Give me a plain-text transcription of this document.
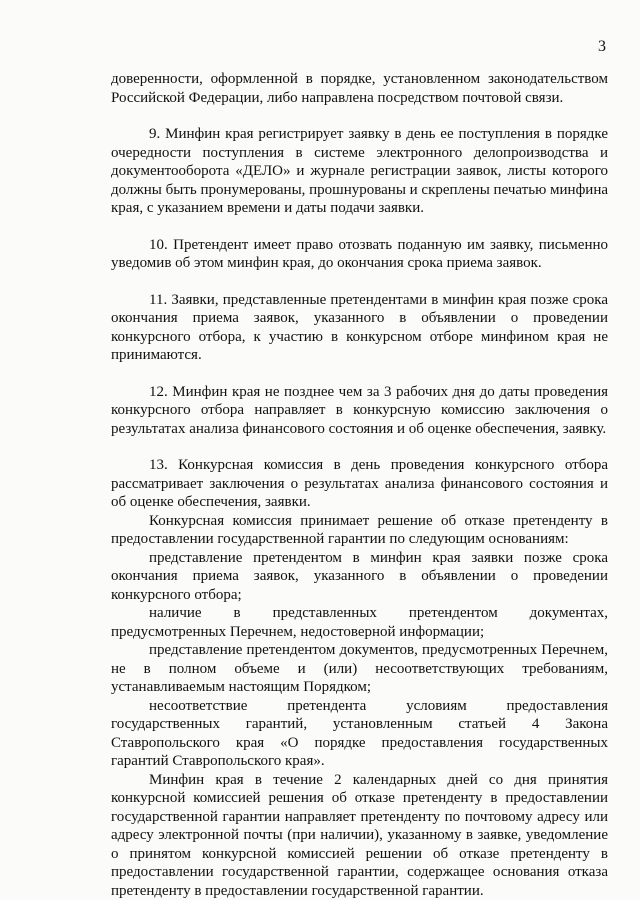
3

доверенности, оформленной в порядке, установленном законодательством Российской Федерации, либо направлена посредством почтовой связи.

9. Минфин края регистрирует заявку в день ее поступления в порядке очередности поступления в системе электронного делопроизводства и документооборота «ДЕЛО» и журнале регистрации заявок, листы которого должны быть пронумерованы, прошнурованы и скреплены печатью минфина края, с указанием времени и даты подачи заявки.

10. Претендент имеет право отозвать поданную им заявку, письменно уведомив об этом минфин края, до окончания срока приема заявок.

11. Заявки, представленные претендентами в минфин края позже срока окончания приема заявок, указанного в объявлении о проведении конкурсного отбора, к участию в конкурсном отборе минфином края не принимаются.

12. Минфин края не позднее чем за 3 рабочих дня до даты проведения конкурсного отбора направляет в конкурсную комиссию заключения о результатах анализа финансового состояния и об оценке обеспечения, заявку.

13. Конкурсная комиссия в день проведения конкурсного отбора рассматривает заключения о результатах анализа финансового состояния и об оценке обеспечения, заявки.

Конкурсная комиссия принимает решение об отказе претенденту в предоставлении государственной гарантии по следующим основаниям:

представление претендентом в минфин края заявки позже срока окончания приема заявок, указанного в объявлении о проведении конкурсного отбора;

наличие в представленных претендентом документах, предусмотренных Перечнем, недостоверной информации;

представление претендентом документов, предусмотренных Перечнем, не в полном объеме и (или) несоответствующих требованиям, устанавливаемым настоящим Порядком;

несоответствие претендента условиям предоставления государственных гарантий, установленным статьей 4 Закона Ставропольского края «О порядке предоставления государственных гарантий Ставропольского края».

Минфин края в течение 2 календарных дней со дня принятия конкурсной комиссией решения об отказе претенденту в предоставлении государственной гарантии направляет претенденту по почтовому адресу или адресу электронной почты (при наличии), указанному в заявке, уведомление о принятом конкурсной комиссией решении об отказе претенденту в предоставлении государственной гарантии, содержащее основания отказа претенденту в предоставлении государственной гарантии.
